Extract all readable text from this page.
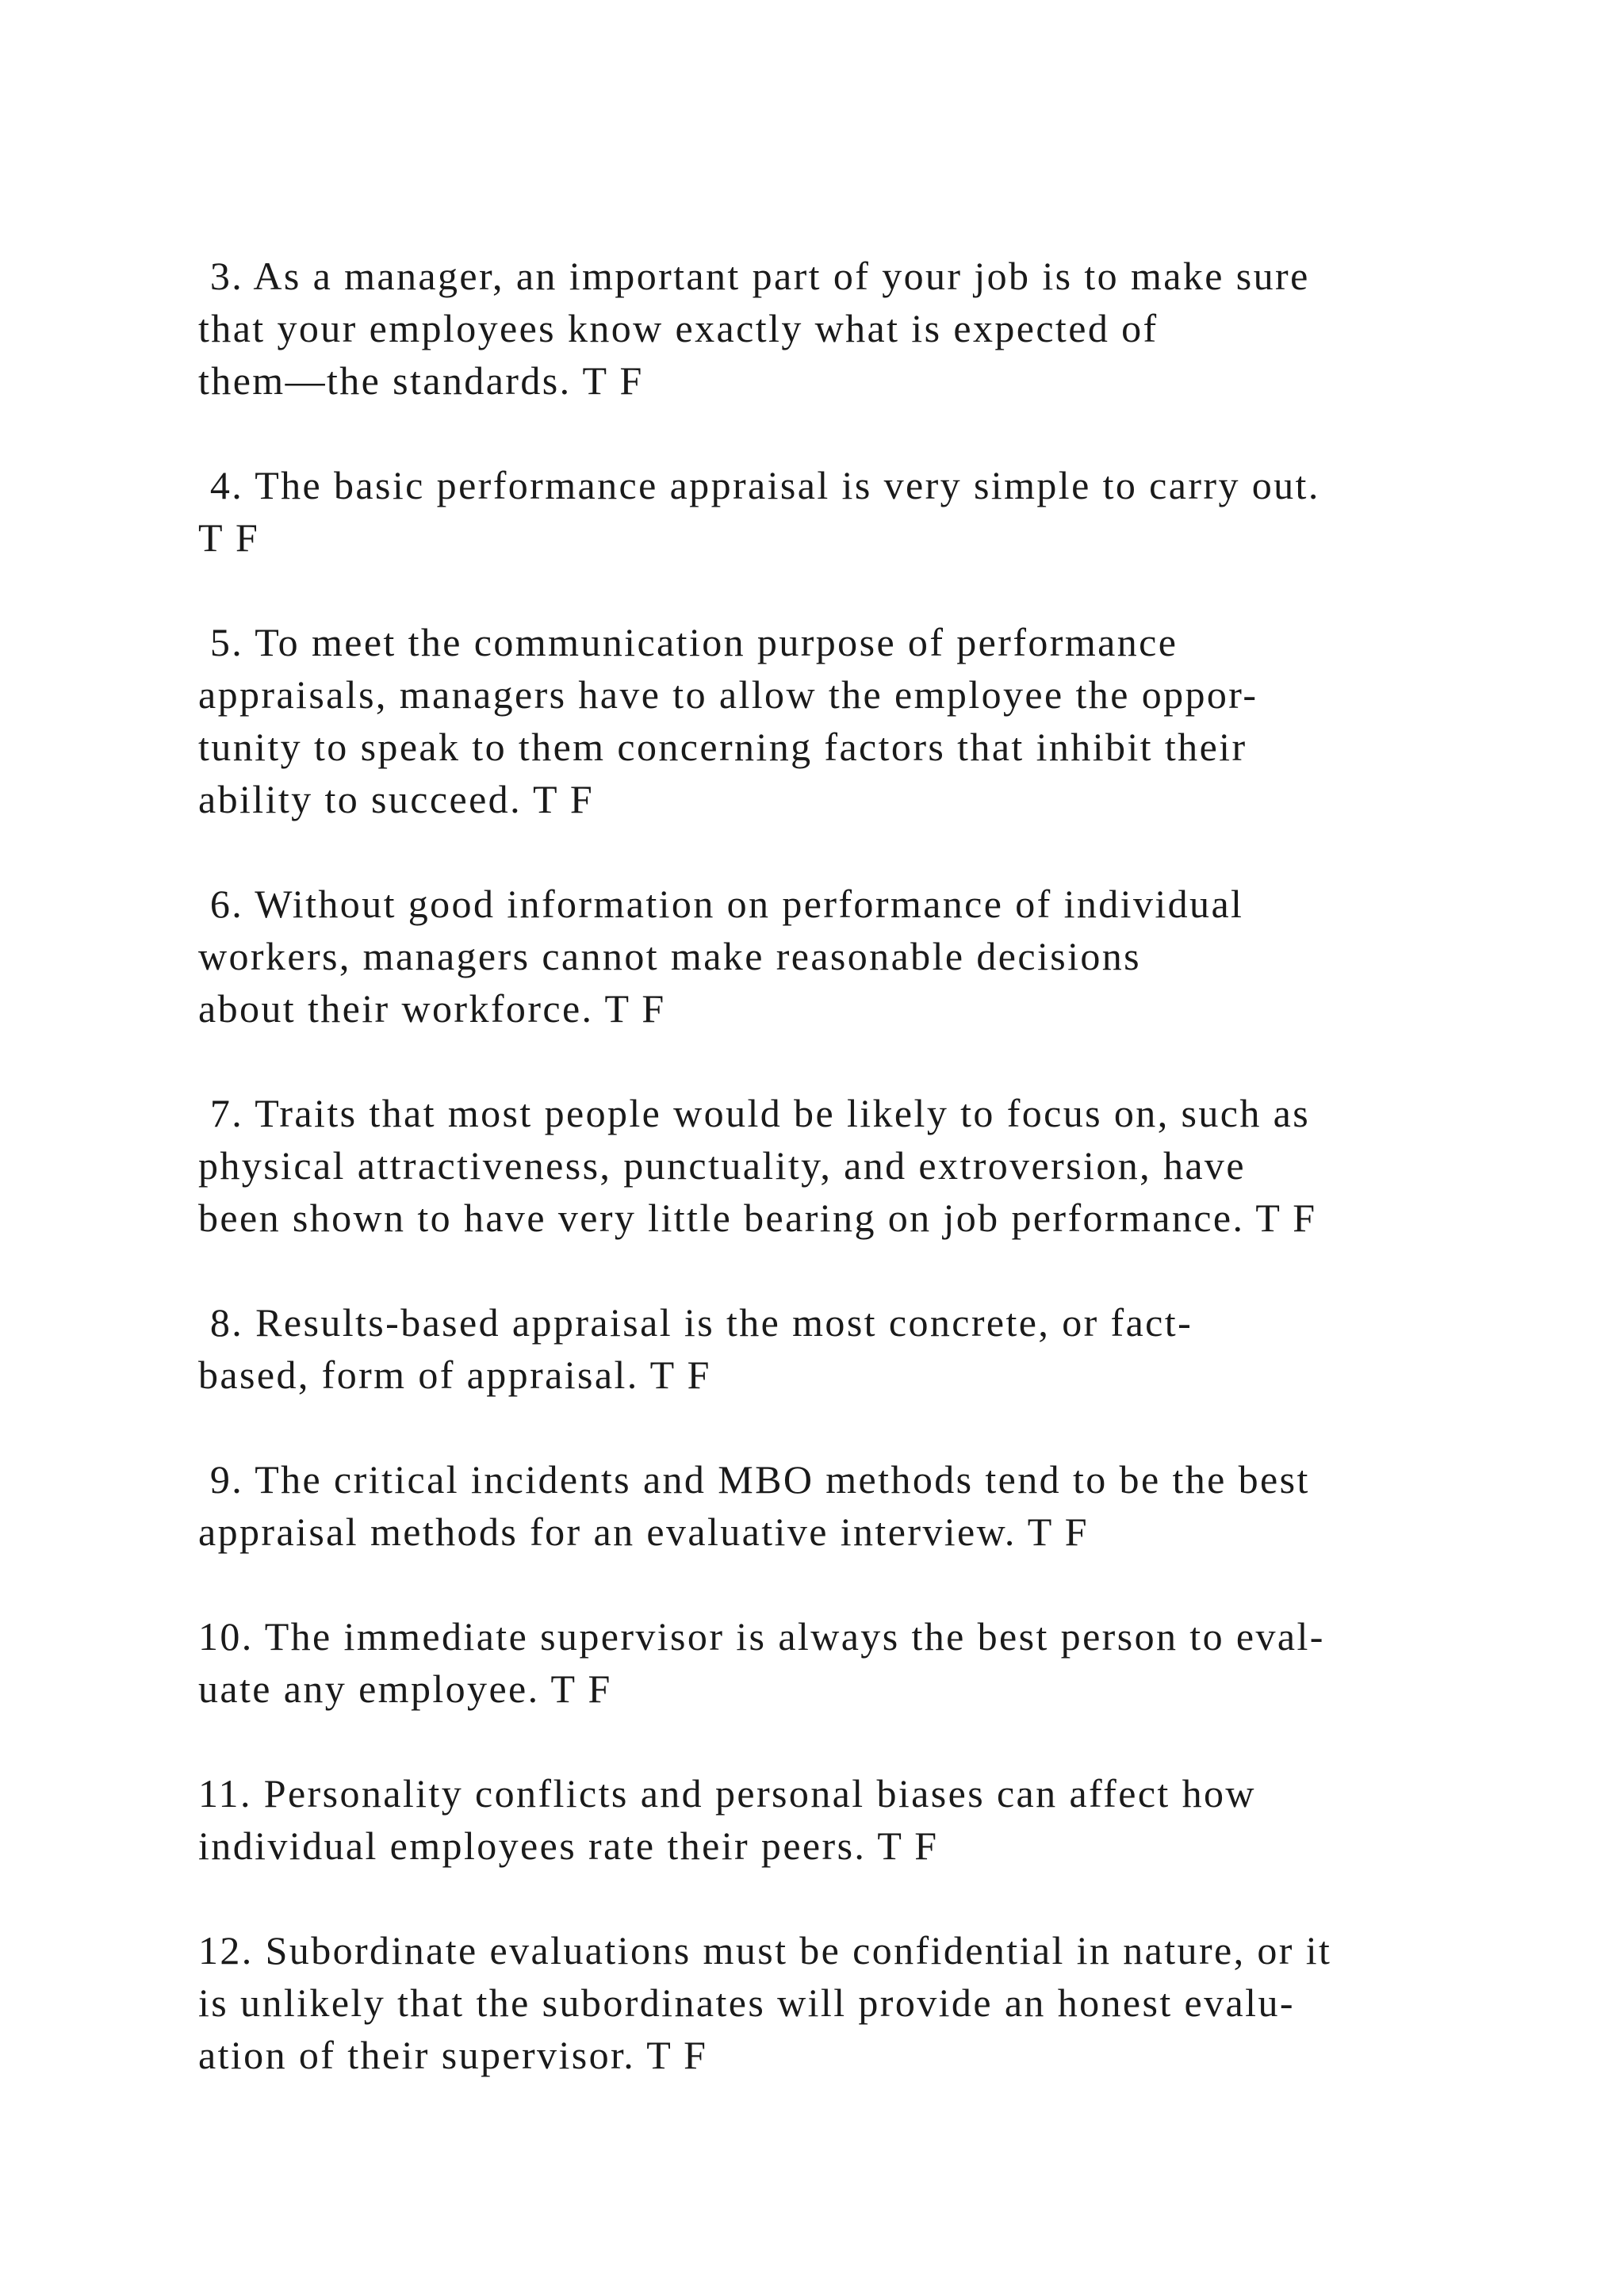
3. As a manager, an important part of your job is to make sure
that your employees know exactly what is expected of
them—the standards. T F
4. The basic performance appraisal is very simple to carry out.
T F
5. To meet the communication purpose of performance
appraisals, managers have to allow the employee the oppor-
tunity to speak to them concerning factors that inhibit their
ability to succeed. T F
6. Without good information on performance of individual
workers, managers cannot make reasonable decisions
about their workforce. T F
7. Traits that most people would be likely to focus on, such as
physical attractiveness, punctuality, and extroversion, have
been shown to have very little bearing on job performance. T F
8. Results-based appraisal is the most concrete, or fact-
based, form of appraisal. T F
9. The critical incidents and MBO methods tend to be the best
appraisal methods for an evaluative interview. T F
10. The immediate supervisor is always the best person to eval-
uate any employee. T F
11. Personality conflicts and personal biases can affect how
individual employees rate their peers. T F
12. Subordinate evaluations must be confidential in nature, or it
is unlikely that the subordinates will provide an honest evalu-
ation of their supervisor. T F
